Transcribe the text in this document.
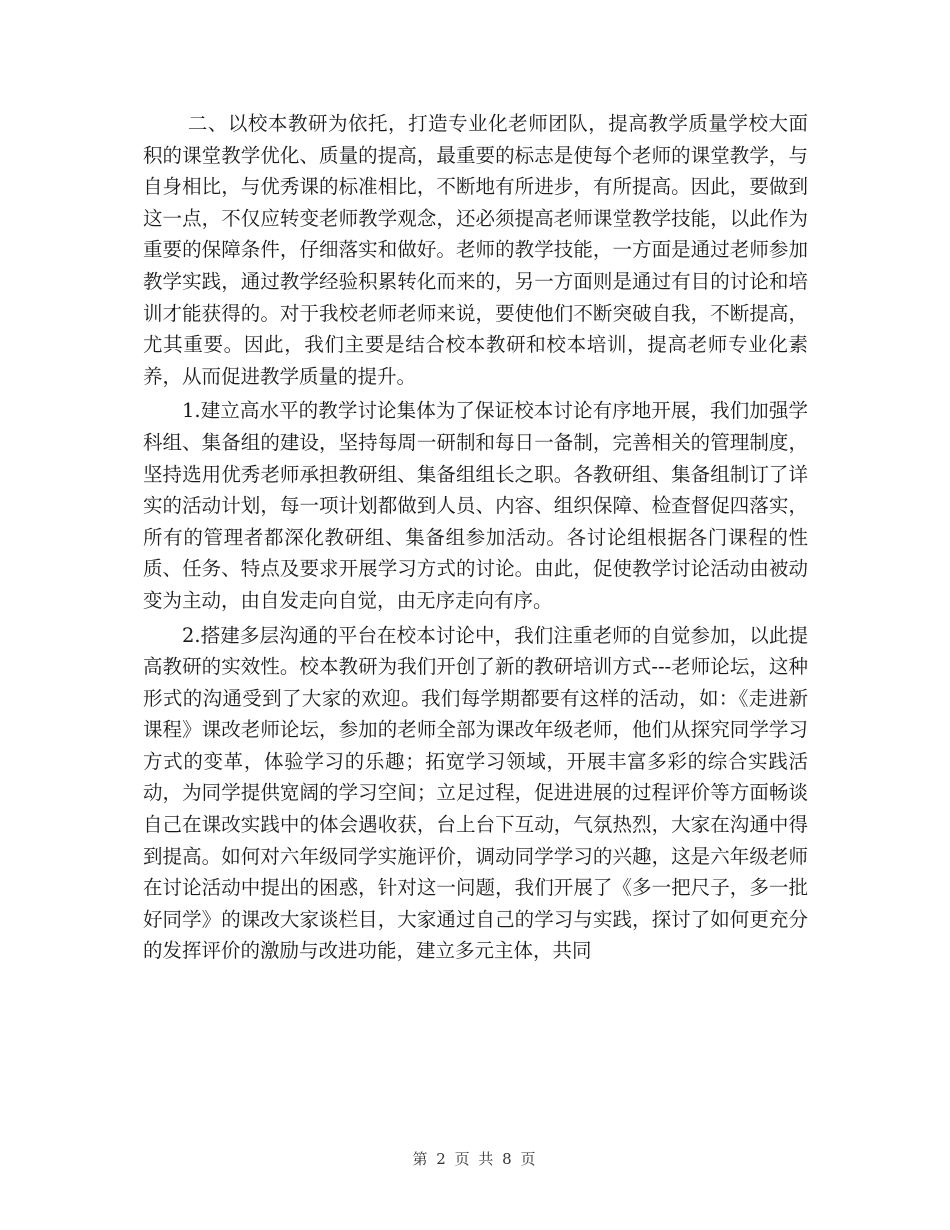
二、以校本教研为依托，打造专业化老师团队，提高教学质量学校大面积的课堂教学优化、质量的提高，最重要的标志是使每个老师的课堂教学，与自身相比，与优秀课的标准相比，不断地有所进步，有所提高。因此，要做到这一点，不仅应转变老师教学观念，还必须提高老师课堂教学技能，以此作为重要的保障条件，仔细落实和做好。老师的教学技能，一方面是通过老师参加教学实践，通过教学经验积累转化而来的，另一方面则是通过有目的讨论和培训才能获得的。对于我校老师老师来说，要使他们不断突破自我，不断提高，尤其重要。因此，我们主要是结合校本教研和校本培训，提高老师专业化素养，从而促进教学质量的提升。

1.建立高水平的教学讨论集体为了保证校本讨论有序地开展，我们加强学科组、集备组的建设，坚持每周一研制和每日一备制，完善相关的管理制度，坚持选用优秀老师承担教研组、集备组组长之职。各教研组、集备组制订了详实的活动计划，每一项计划都做到人员、内容、组织保障、检查督促四落实，所有的管理者都深化教研组、集备组参加活动。各讨论组根据各门课程的性质、任务、特点及要求开展学习方式的讨论。由此，促使教学讨论活动由被动变为主动，由自发走向自觉，由无序走向有序。

2.搭建多层沟通的平台在校本讨论中，我们注重老师的自觉参加，以此提高教研的实效性。校本教研为我们开创了新的教研培训方式---老师论坛，这种形式的沟通受到了大家的欢迎。我们每学期都要有这样的活动，如：《走进新课程》课改老师论坛，参加的老师全部为课改年级老师，他们从探究同学学习方式的变革，体验学习的乐趣；拓宽学习领域，开展丰富多彩的综合实践活动，为同学提供宽阔的学习空间；立足过程，促进进展的过程评价等方面畅谈自己在课改实践中的体会遇收获，台上台下互动，气氛热烈，大家在沟通中得到提高。如何对六年级同学实施评价，调动同学学习的兴趣，这是六年级老师在讨论活动中提出的困惑，针对这一问题，我们开展了《多一把尺子，多一批好同学》的课改大家谈栏目，大家通过自己的学习与实践，探讨了如何更充分的发挥评价的激励与改进功能，建立多元主体，共同

第 2 页 共 8 页
